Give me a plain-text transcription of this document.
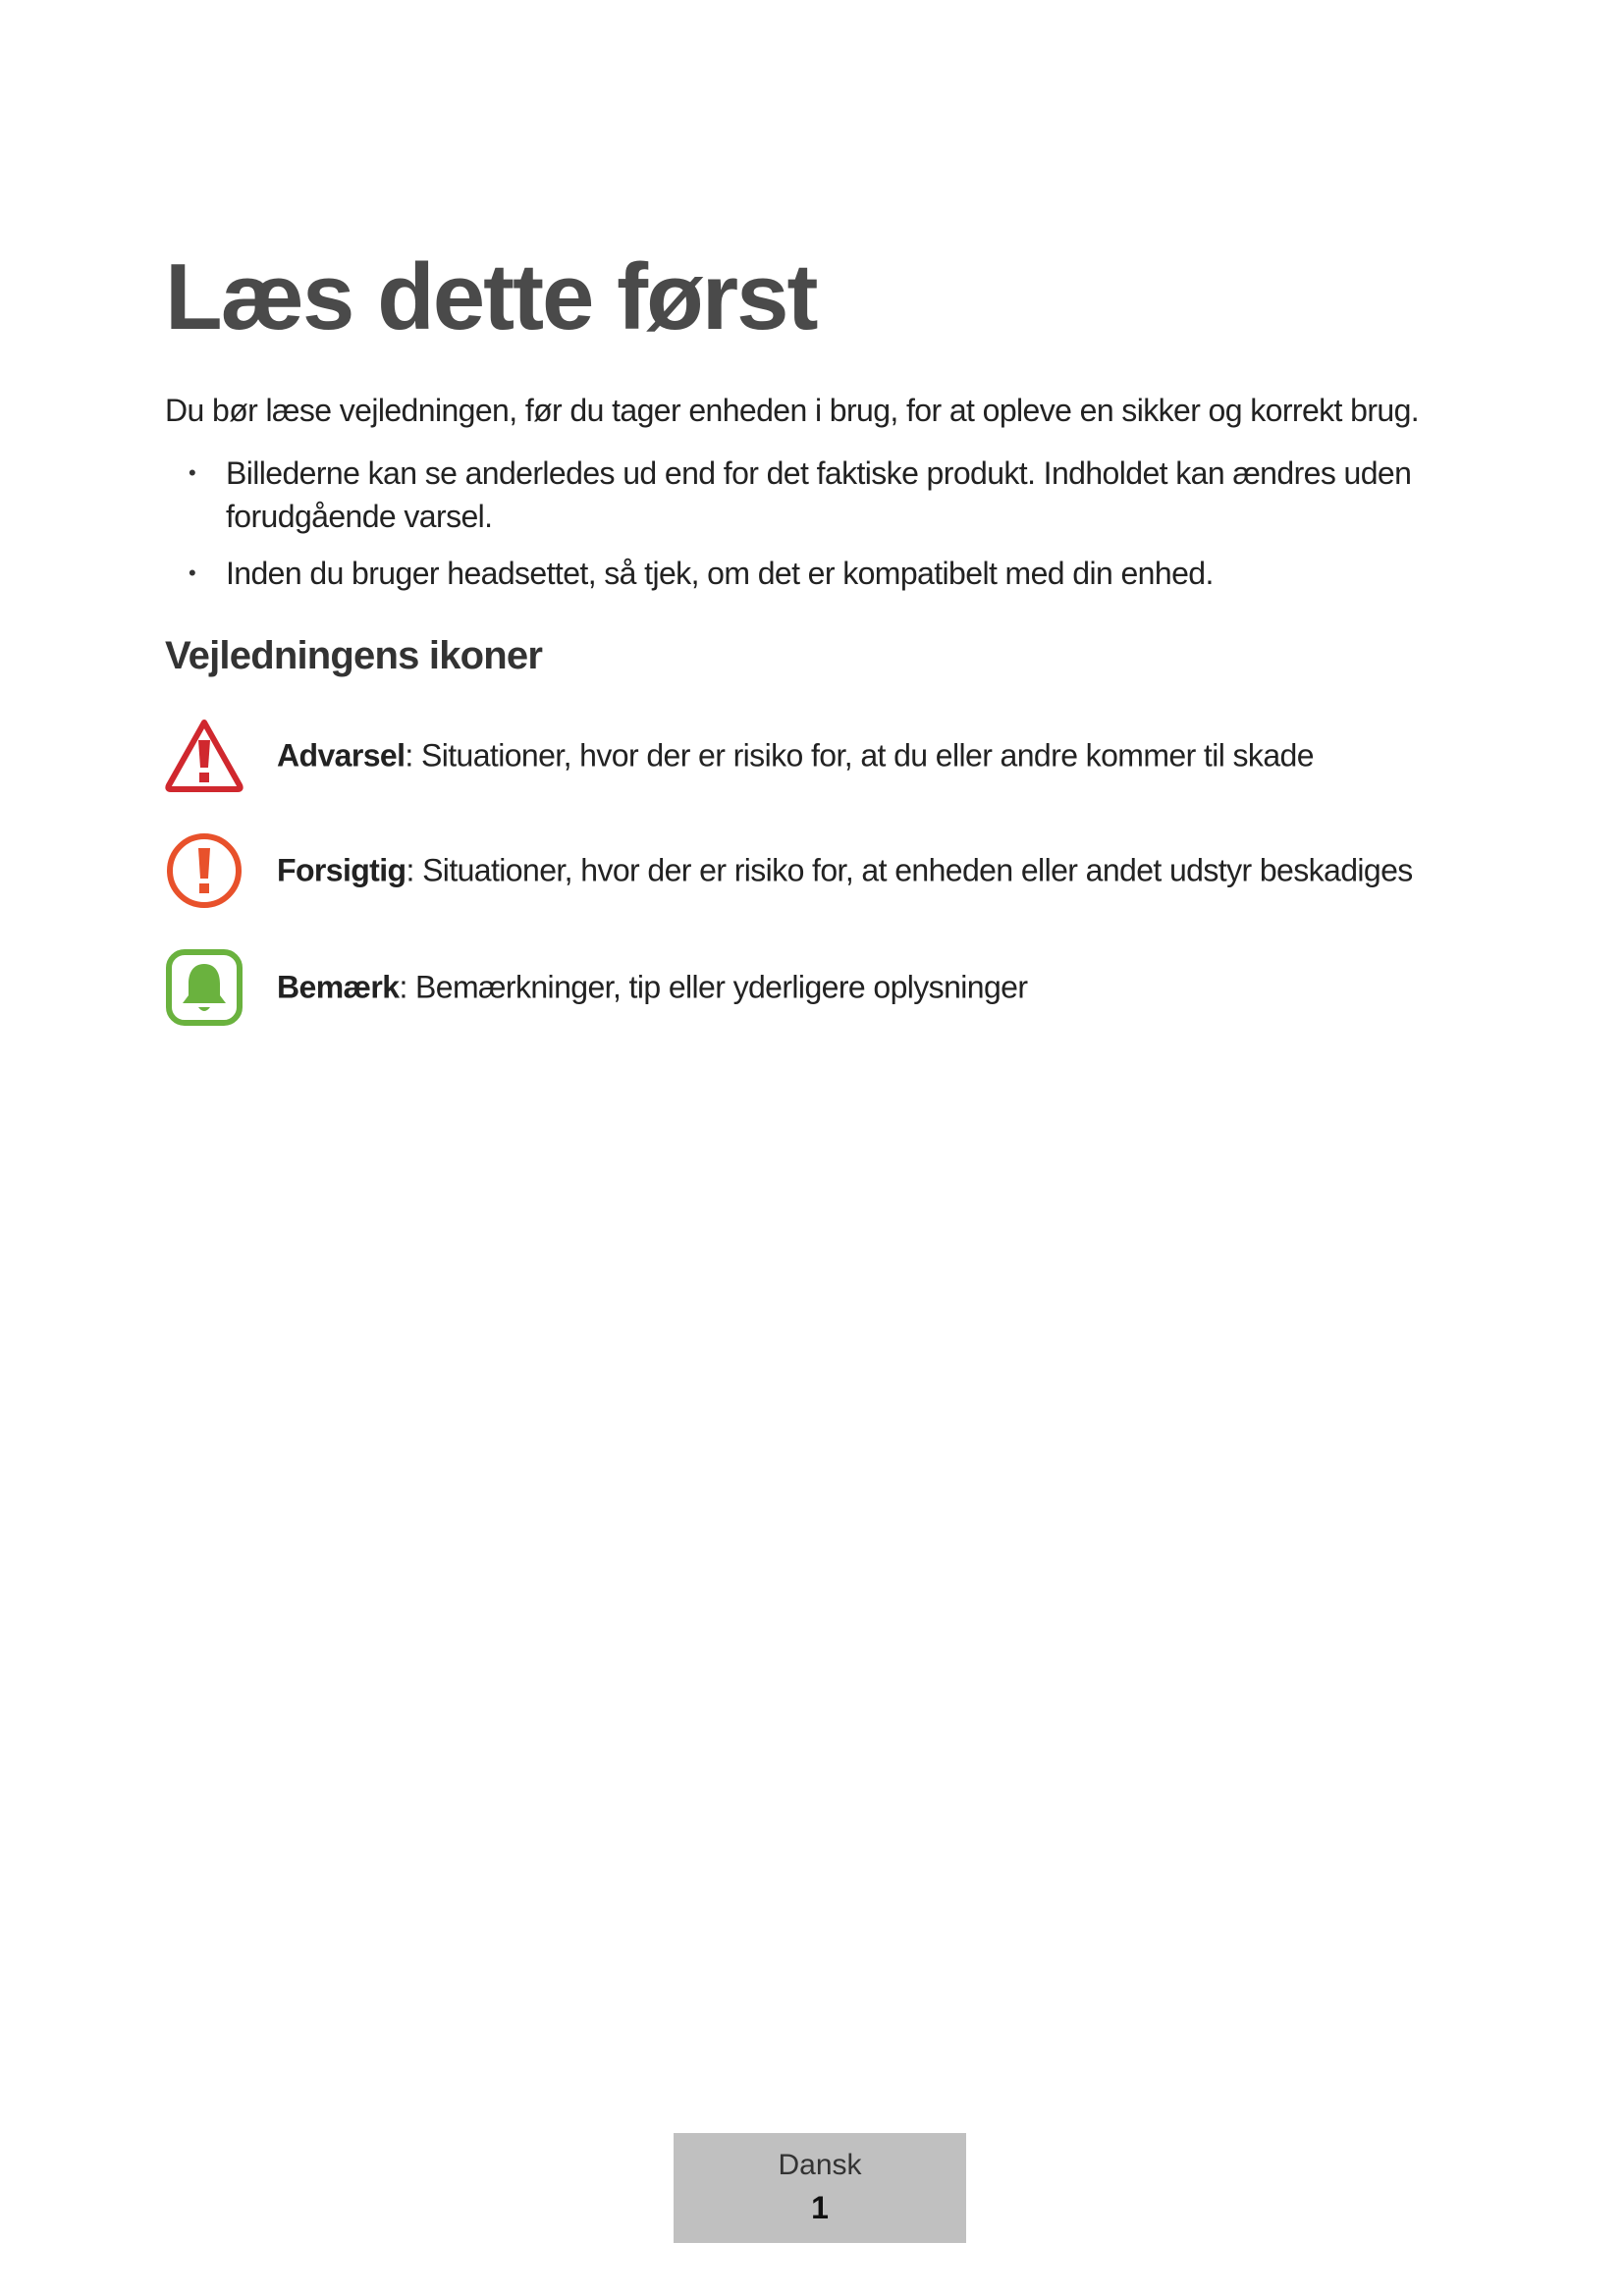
Læs dette først

Du bør læse vejledningen, før du tager enheden i brug, for at opleve en sikker og korrekt brug.

• Billederne kan se anderledes ud end for det faktiske produkt. Indholdet kan ændres uden forudgående varsel.
• Inden du bruger headsettet, så tjek, om det er kompatibelt med din enhed.
Vejledningens ikoner
Advarsel: Situationer, hvor der er risiko for, at du eller andre kommer til skade
Forsigtig: Situationer, hvor der er risiko for, at enheden eller andet udstyr beskadiges
Bemærk: Bemærkninger, tip eller yderligere oplysninger
Dansk
1
